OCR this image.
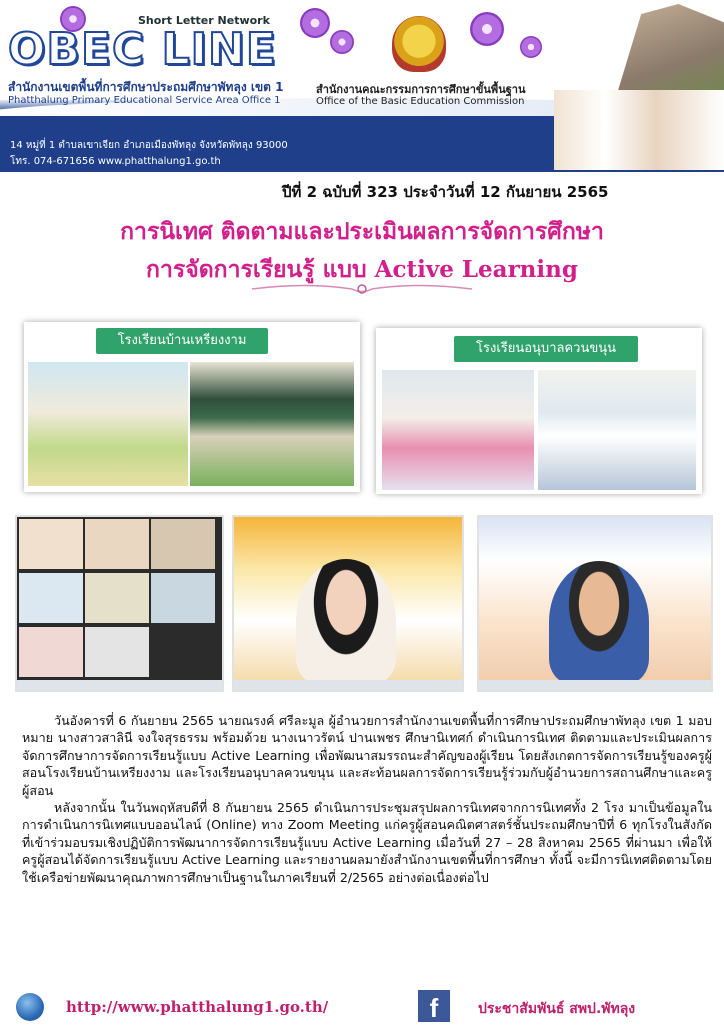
Short Letter Network
OBEC LINE
สำนักงานเขตพื้นที่การศึกษาประถมศึกษาพัทลุง เขต 1
Phatthalung Primary Educational Service Area Office 1
สำนักงานคณะกรรมการการศึกษาขั้นพื้นฐาน
Office of the Basic Education Commission
14 หมู่ที่ 1 ตำบลเขาเจียก อำเภอเมืองพัทลุง จังหวัดพัทลุง 93000
โทร. 074-671656 www.phatthalung1.go.th
ปีที่ 2 ฉบับที่ 323 ประจำวันที่ 12 กันยายน 2565
การนิเทศ ติดตามและประเมินผลการจัดการศึกษา
การจัดการเรียนรู้ แบบ Active Learning
โรงเรียนบ้านเหรียงงาม
โรงเรียนอนุบาลควนขนุน

วันอังคารที่ 6 กันยายน 2565 นายณรงค์ ศรีละมูล ผู้อำนวยการสำนักงานเขตพื้นที่การศึกษาประถมศึกษาพัทลุง เขต 1 มอบหมาย นางสาวสาลินี จงใจสุรธรรม พร้อมด้วย นางเนาวรัตน์ ปานเพชร ศึกษานิเทศก์ ดำเนินการนิเทศ ติดตามและประเมินผลการจัดการศึกษาการจัดการเรียนรู้แบบ Active Learning เพื่อพัฒนาสมรรถนะสำคัญของผู้เรียน โดยสังเกตการจัดการเรียนรู้ของครูผู้สอนโรงเรียนบ้านเหรียงงาม และโรงเรียนอนุบาลควนขนุน และสะท้อนผลการจัดการเรียนรู้ร่วมกับผู้อำนวยการสถานศึกษาและครูผู้สอน

หลังจากนั้น ในวันพฤหัสบดีที่ 8 กันยายน 2565 ดำเนินการประชุมสรุปผลการนิเทศจากการนิเทศทั้ง 2 โรง มาเป็นข้อมูลในการดำเนินการนิเทศแบบออนไลน์ (Online) ทาง Zoom Meeting แก่ครูผู้สอนคณิตศาสตร์ชั้นประถมศึกษาปีที่ 6 ทุกโรงในสังกัด ที่เข้าร่วมอบรมเชิงปฏิบัติการพัฒนาการจัดการเรียนรู้แบบ Active Learning เมื่อวันที่ 27 – 28 สิงหาคม 2565 ที่ผ่านมา เพื่อให้ครูผู้สอนได้จัดการเรียนรู้แบบ Active Learning และรายงานผลมายังสำนักงานเขตพื้นที่การศึกษา ทั้งนี้ จะมีการนิเทศติดตามโดยใช้เครือข่ายพัฒนาคุณภาพการศึกษาเป็นฐานในภาคเรียนที่ 2/2565 อย่างต่อเนื่องต่อไป

http://www.phatthalung1.go.th/	f	ประชาสัมพันธ์ สพป.พัทลุง
